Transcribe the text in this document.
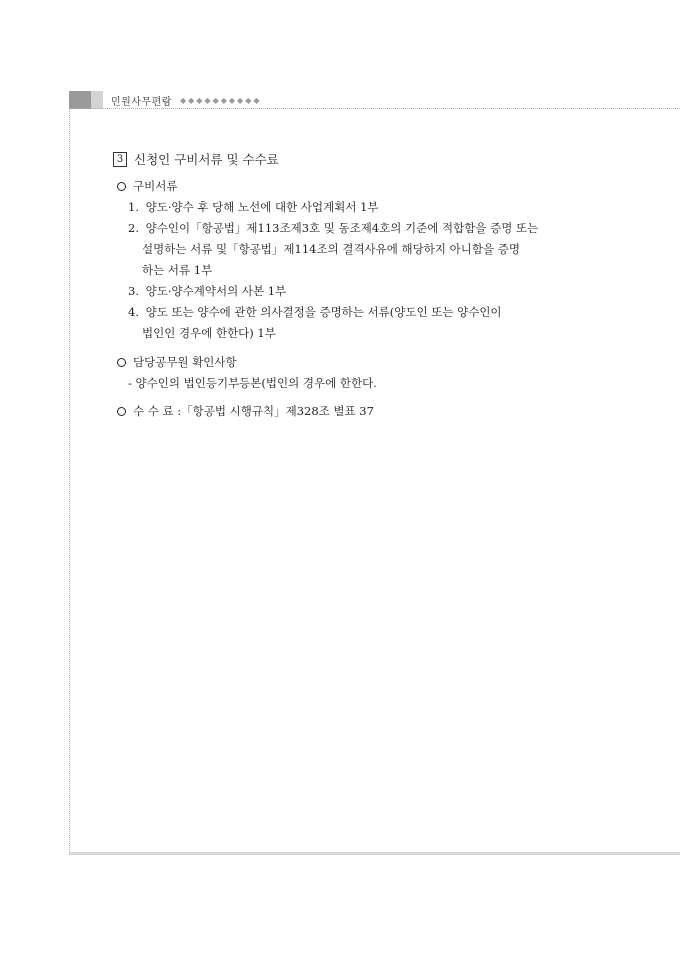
민원사무편람 ◆◆◆◆◆◆◆◆◆◆
3 신청인 구비서류 및 수수료
구비서류
1. 양도·양수 후 당해 노선에 대한 사업계획서 1부
2. 양수인이「항공법」제113조제3호 및 동조제4호의 기준에 적합함을 증명 또는
설명하는 서류 및「항공법」제114조의 결격사유에 해당하지 아니함을 증명
하는 서류 1부
3. 양도·양수계약서의 사본 1부
4. 양도 또는 양수에 관한 의사결정을 증명하는 서류(양도인 또는 양수인이
법인인 경우에 한한다) 1부
담당공무원 확인사항
- 양수인의 법인등기부등본(법인의 경우에 한한다.
수 수 료 :「항공법 시행규칙」제328조 별표 37
